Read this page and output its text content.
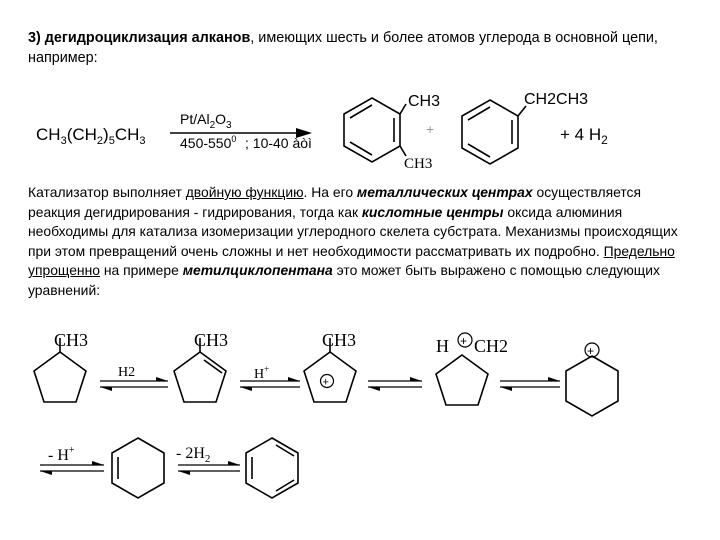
3) дегидроциклизация алканов, имеющих шесть и более атомов углерода в основной цепи, например:
$CH_3(CH_2)_5CH_3$
$Pt/Al_2O_3$
$450-550^0$ ; 10-40 àòì
CH3
CH3
+
CH2CH3
+ 4 $H_2$
Катализатор выполняет двойную функцию. На его металлических центрах осуществляется реакция дегидрирования - гидрирования, тогда как кислотные центры оксида алюминия необходимы для катализа изомеризации углеродного скелета субстрата. Механизмы происходящих при этом превращений очень сложны и нет необходимости рассматривать их подробно. Предельно упрощенно на примере метилциклопентана это может быть выражено с помощью следующих уравнений:
CH3
H2
CH3
H+
CH3
+
H + CH2	+
- H+	- $2H_2$
